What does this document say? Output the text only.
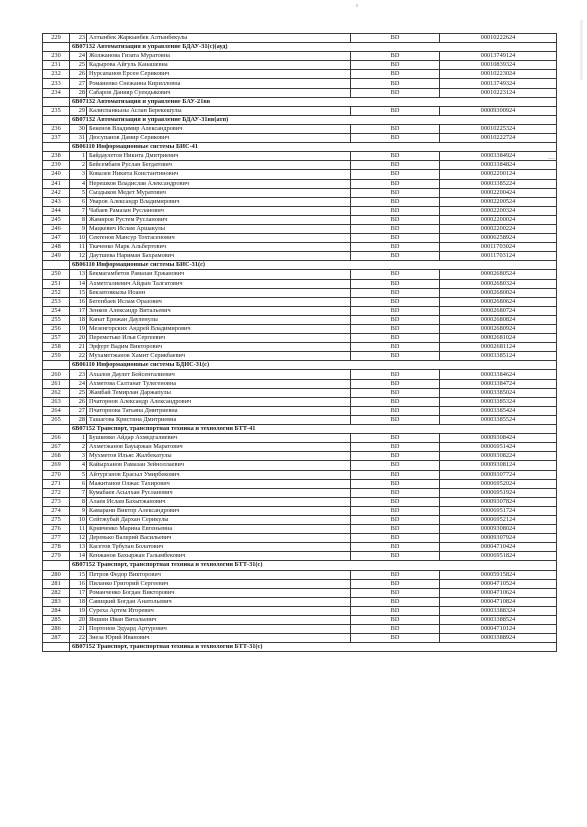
229	23	Алтынбек Жаркынбек Алтынбекулы	BD	00010222624
	6В07132 Автоматизация и управление БДАУ-31(с)(ауд)			
230	24	Жолжанова Гизата Муратовна	BD	00013749124
231	25	Кадырова Айгуль Канашевна	BD	00010839324
232	26	Нурсапанов Ерсен Серикович	BD	00010223024
233	27	Романенко Снежанна Кирилловна	BD	00013749324
234	28	Сабаров Данияр Суендыкович	BD	00010223124
	6В07132 Автоматизация и управление БАУ-21вв			
235	29	Калиспанкызы Аслан Берекешулы	BD	00009300924
	6В07132 Автоматизация и управление БДАУ-31вв(атп)			
236	30	Бекенов Владимир Александрович	BD	00010225324
237	31	Дюсупанов Дамир Серикович	BD	00010222724
	6В06110 Информационные системы БИС-41			
238	1	Байдаулетов Никита Дмитриевич	BD	00003384924
239	2	Бейсембаев Руслан Бегдатович	BD	00003384824
240	3	Ковалев Никита Константинович	BD	00002200124
241	4	Нерешков Владислав Александрович	BD	00003385224
242	5	Сыздыков Медет Муратович	BD	00002200424
243	6	Уваров Александр Владимирович	BD	00002200524
244	7	Чабаев Рамазан Русланович	BD	00002200324
245	8	Жамиров Рустем Русланович	BD	00002200024
246	9	Мацкевич Ислам Аршакулы	BD	00002200224
247	10	Сектенов Мансур Тохтасенович	BD	00006258924
248	11	Ткаченко Марк Альбертович	BD	00011703024
249	12	Даутшева Нариман Бахрамович	BD	00011703124
	6В06110 Информационные системы БИС-31(с)			
250	13	Бекмагамбетов Рамазан Ержанович	BD	00002680524
251	14	Ахметгалиевич Айдын Талгатович	BD	00002680324
252	15	Бекзатовкызы Иоанн	BD	00002680024
253	16	Бегенбаев Ислам Оразович	BD	00002680624
254	17	Зенков Александр Витальевич	BD	00002680724
255	18	Канат Ернжан Дауленулы	BD	00002680824
256	19	Мезенгорских Андрей Владимирович	BD	00002680924
257	20	Переметько Илья Сергеевич	BD	00002681024
258	21	Эрфурт Вадим Викторович	BD	00002681124
259	22	Мухаметжанов Хамит Серикбаевич	BD	00003385124
	6В06110 Информационные системы БДИС-31(с)			
260	23	Ахылов Даулет Бейсенгалиевич	BD	00003384624
261	24	Ахметова Салтанат Тулегеновна	BD	00003384724
262	25	Жамбай Темирлан Даржапулы	BD	00003385024
263	26	Пчаторнов Александр Александрович	BD	00003385324
264	27	Пчаторнова Татьяна Дмитриевна	BD	00003385424
265	28	Ташагова Кристина Дмитриевна	BD	00003385524
	6В07152 Транспорт, транспортная техника и технологии БТТ-41			
266	1	Бушкевко Айдар Ахмедгалиевич	BD	00009308424
267	2	Ахметжанов Бауыржан Маратович	BD	00006951424
268	3	Мухметов Ильяс Жалбекатулы	BD	00009308224
269	4	Кайырханов Рамазан Зейноллаевич	BD	00009308124
270	5	Айтурганов Ерасыл Умирбекович	BD	00009307724
271	6	Мажитанов Олжас Тахирович	BD	00006952024
272	7	Кумабаев Асылхан Русланович	BD	00006951924
273	8	Алаев Ислам Бахытжанович	BD	00009307824
274	9	Камарани Виктор Александрович	BD	00006951724
275	10	Сейтжубай Дархан Серикулы	BD	00006952124
276	11	Кривченко Марина Евгеньевна	BD	00009308024
277	12	Деревько Валерий Васильевич	BD	00009307924
278	13	Касетов Трбулан Болатович	BD	00004710424
279	14	Кенжанов Бахыржан Галымбекович	BD	00006951824
	6В07152 Транспорт, транспортная техника и технологии БТТ-31(с)			
280	15	Петров Федор Викторович	BD	00005915824
281	16	Пиланко Григорий Сергеевич	BD	00004710524
282	17	Романченко Богдан Викторович	BD	00004710624
283	18	Савицкий Богдан Анатольевич	BD	00004710824
284	19	Суреха Артем Игоревич	BD	00003388324
285	20	Яншин Иван Витальевич	BD	00003388524
286	21	Портонов Эдуард Артурович	BD	00004710124
287	22	Зиеза Юрий Иванович	BD	00003388924
	6В07152 Транспорт, транспортная техника и технологии БТТ-31(с)			
